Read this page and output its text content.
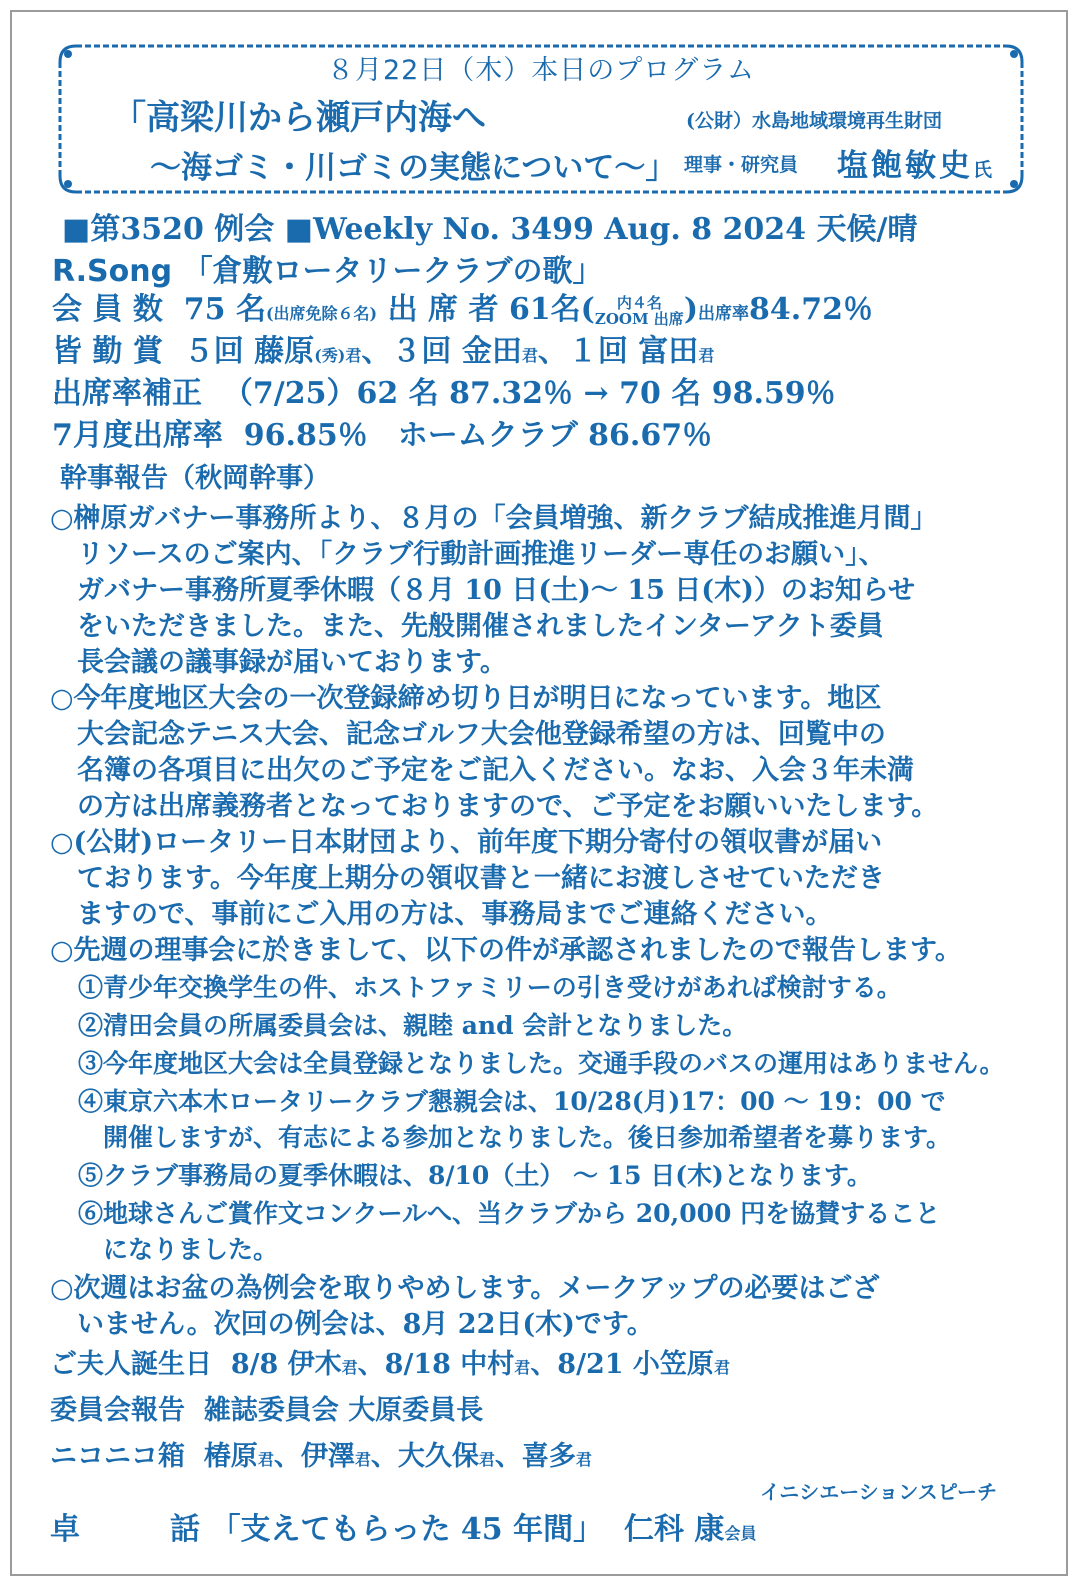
８月22日（木）本日のプログラム
「高梁川から瀬戸内海へ
〜海ゴミ・川ゴミの実態について〜」
(公財）水島地域環境再生財団
理事・研究員 塩飽敏史氏
■第3520 例会 ■Weekly No. 3499 Aug. 8 2024 天候/晴
R.Song 「倉敷ロータリークラブの歌」
会 員 数 75 名(出席免除６名) 出 席 者 61名( 内４名
ZOOM 出席)出席率84.72％
皆 勤 賞 ５回 藤原(秀)君、３回 金田君、１回 富田君
出席率補正 （7/25）62 名 87.32％ → 70 名 98.59％
7月度出席率 96.85％　ホームクラブ 86.67％
幹事報告（秋岡幹事）
○榊原ガバナー事務所より、８月の「会員増強、新クラブ結成推進月間」
　リソースのご案内、「クラブ行動計画推進リーダー専任のお願い」、
　ガバナー事務所夏季休暇（８月 10 日(土)〜 15 日(木)）のお知らせ
　をいただきました。また、先般開催されましたインターアクト委員
　長会議の議事録が届いております。
○今年度地区大会の一次登録締め切り日が明日になっています。地区
　大会記念テニス大会、記念ゴルフ大会他登録希望の方は、回覧中の
　名簿の各項目に出欠のご予定をご記入ください。なお、入会３年未満
　の方は出席義務者となっておりますので、ご予定をお願いいたします。
○(公財)ロータリー日本財団より、前年度下期分寄付の領収書が届い
　ております。今年度上期分の領収書と一緒にお渡しさせていただき
　ますので、事前にご入用の方は、事務局までご連絡ください。
○先週の理事会に於きまして、以下の件が承認されましたので報告します。
①青少年交換学生の件、ホストファミリーの引き受けがあれば検討する。
②清田会員の所属委員会は、親睦 and 会計となりました。
③今年度地区大会は全員登録となりました。交通手段のバスの運用はありません。
④東京六本木ロータリークラブ懇親会は、10/28(月)17：00 〜 19：00 で
　開催しますが、有志による参加となりました。後日参加希望者を募ります。
⑤クラブ事務局の夏季休暇は、8/10（土） 〜 15 日(木)となります。
⑥地球さんご賞作文コンクールへ、当クラブから 20,000 円を協賛すること
　になりました。
○次週はお盆の為例会を取りやめします。メークアップの必要はござ
　いません。次回の例会は、8月 22日(木)です。
ご夫人誕生日 8/8 伊木君、8/18 中村君、8/21 小笠原君
委員会報告 雑誌委員会 大原委員長
ニコニコ箱 椿原君、伊澤君、大久保君、喜多君
イニシエーションスピーチ
卓　　　話 「支えてもらった 45 年間」 仁科 康会員
